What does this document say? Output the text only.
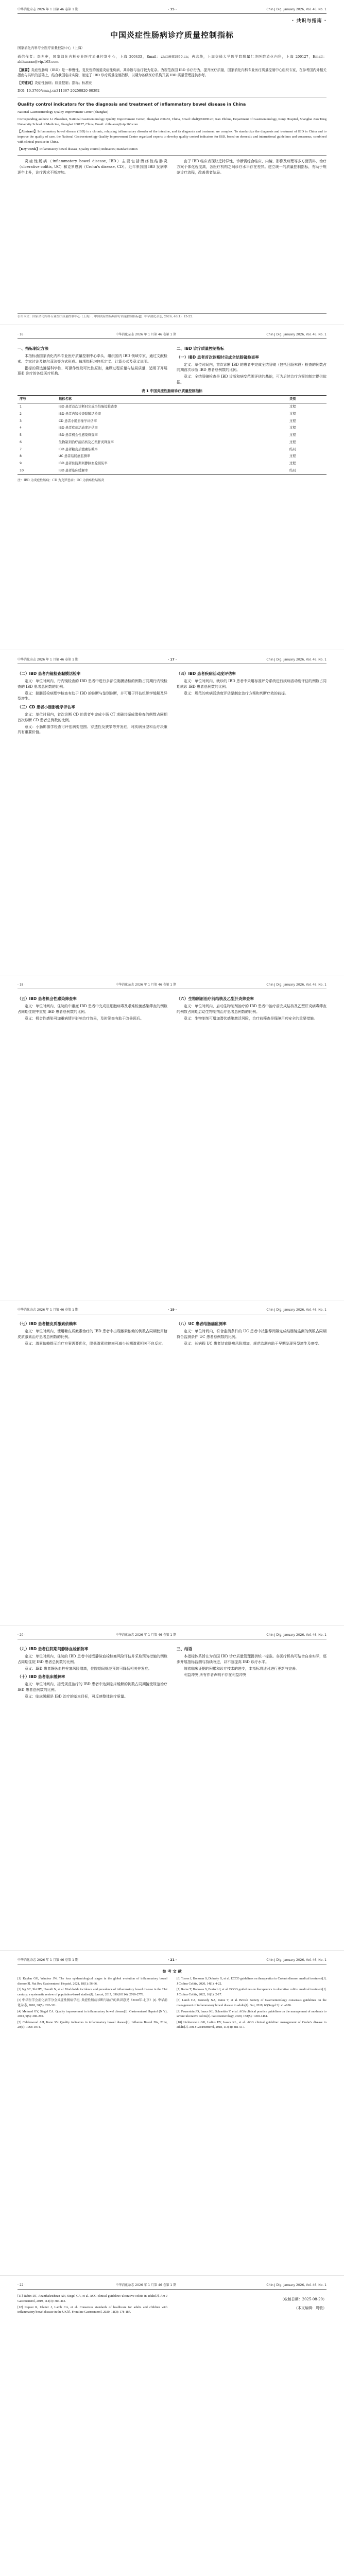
中华消化杂志 2026 年 1 月第 46 卷第 1 期	· 15 ·	Chin J Dig, January 2026, Vol. 46, No. 1
· 共识与指南 ·
中国炎症性肠病诊疗质量控制指标
国家消化内科专业医疗质量控制中心（上海）
通信作者：李兆申，国家消化内科专业医疗质量控制中心，上海 200433，Email：zhsli@81890.cn；冉志华，上海交通大学医学院附属仁济医院消化内科，上海 200127，Email：zhihuaran@vip.163.com
【摘要】炎症性肠病（IBD）是一种慢性、复发性的肠道炎症性疾病，其诊断与治疗较为复杂。为规范我国 IBD 诊疗行为，提升医疗质量，国家消化内科专业医疗质量控制中心组织专家，在参考国内外相关指南与共识的基础上，结合我国临床实际，制定了 IBD 诊疗质量控制指标，以期为各级医疗机构开展 IBD 质量管理提供参考。
【关键词】炎症性肠病；质量控制；指标；标准化
DOI: 10.3760/cma.j.cn311367-20250820-00392
Quality control indicators for the diagnosis and treatment of inflammatory bowel disease in China
National Gastroenterology Quality Improvement Center (Shanghai)
Corresponding authors: Li Zhaoshen, National Gastroenterology Quality Improvement Center, Shanghai 200433, China, Email: zhsli@81890.cn; Ran Zhihua, Department of Gastroenterology, Renji Hospital, Shanghai Jiao Tong University School of Medicine, Shanghai 200127, China, Email: zhihuaran@vip.163.com
【Abstract】Inflammatory bowel disease (IBD) is a chronic, relapsing inflammatory disorder of the intestine, and its diagnosis and treatment are complex. To standardize the diagnosis and treatment of IBD in China and to improve the quality of care, the National Gastroenterology Quality Improvement Center organized experts to develop quality control indicators for IBD, based on domestic and international guidelines and consensus, combined with clinical practice in China.
【Key words】Inflammatory bowel disease; Quality control; Indicators; Standardization

炎症性肠病（inflammatory bowel disease, IBD）主要包括溃疡性结肠炎（ulcerative colitis, UC）和克罗恩病（Crohn's disease, CD）。近年来我国 IBD 发病率逐年上升，诊疗需求不断增加。

由于 IBD 临床表现缺乏特异性，诊断需综合临床、内镜、影像及病理等多方面资料，治疗方案个体化程度高，各医疗机构之间诊疗水平存在差异。建立统一的质量控制指标，有助于规范诊疗流程，改善患者结局。

引用本文：国家消化内科专业医疗质量控制中心（上海）. 中国炎症性肠病诊疗质量控制指标[J]. 中华消化杂志, 2026, 46(1): 15-22.
· 16 ·	中华消化杂志 2026 年 1 月第 46 卷第 1 期	Chin J Dig, January 2026, Vol. 46, No. 1
一、指标制定方法

本指标由国家消化内科专业医疗质量控制中心牵头，组织国内 IBD 领域专家，通过文献检索、专家讨论及德尔菲法等方式形成。每项指标均包括定义、计算公式及意义说明。

指标的筛选遵循科学性、可操作性及可比性原则，兼顾过程质量与结局质量，适用于开展 IBD 诊疗的各级医疗机构。

二、IBD 诊疗质量控制指标
（一）IBD 患者首次诊断时完成全结肠镜检查率

定义：单位时间内，首次诊断 IBD 的患者中完成全结肠镜（包括回肠末段）检查的例数占同期首次诊断 IBD 患者总例数的比例。

意义：全结肠镜检查是 IBD 诊断和病变范围评估的基础，可为后续治疗方案的制定提供依据。

表 1 中国炎症性肠病诊疗质量控制指标
序号	指标名称	类别
1	IBD 患者首次诊断时完成全结肠镜检查率	过程
2	IBD 患者内镜检查黏膜活检率	过程
3	CD 患者小肠影像学评估率	过程
4	IBD 患者疾病活动度评估率	过程
5	IBD 患者机会性感染筛查率	过程
6	生物制剂治疗前结核及乙型肝炎筛查率	过程
7	IBD 患者糖皮质激素依赖率	结局
8	UC 患者结肠癌监测率	过程
9	IBD 患者住院期间静脉血栓预防率	过程
10	IBD 患者临床缓解率	结局
注：IBD 为炎症性肠病；CD 为克罗恩病；UC 为溃疡性结肠炎
中华消化杂志 2026 年 1 月第 46 卷第 1 期	· 17 ·	Chin J Dig, January 2026, Vol. 46, No. 1
（二）IBD 患者内镜检查黏膜活检率

定义：单位时间内，行内镜检查的 IBD 患者中进行多部位黏膜活检的例数占同期行内镜检查的 IBD 患者总例数的比例。

意义：黏膜活检病理学检查有助于 IBD 的诊断与鉴别诊断，并可用于评估组织学缓解及异型增生。

（三）CD 患者小肠影像学评估率

定义：单位时间内，首次诊断 CD 的患者中完成小肠 CT 或磁共振成像检查的例数占同期首次诊断 CD 患者总例数的比例。

意义：小肠影像学检查可评估病变范围、穿透性及狭窄等并发症，对疾病分型和治疗决策具有重要价值。

（四）IBD 患者疾病活动度评估率

定义：单位时间内，就诊的 IBD 患者中采用标准评分系统进行疾病活动度评估的例数占同期就诊 IBD 患者总例数的比例。

意义：规范的疾病活动度评估是制定治疗方案和判断疗效的前提。

· 18 ·	中华消化杂志 2026 年 1 月第 46 卷第 1 期	Chin J Dig, January 2026, Vol. 46, No. 1
（五）IBD 患者机会性感染筛查率

定义：单位时间内，住院的中重度 IBD 患者中完成巨细胞病毒及艰难梭菌感染筛查的例数占同期住院中重度 IBD 患者总例数的比例。

意义：机会性感染可加重病情并影响治疗效果，及时筛查有助于改善预后。

（六）生物制剂治疗前结核及乙型肝炎筛查率

定义：单位时间内，启动生物制剂治疗的 IBD 患者中治疗前完成结核及乙型肝炎病毒筛查的例数占同期启动生物制剂治疗患者总例数的比例。

意义：生物制剂可增加潜伏感染激活风险，治疗前筛查是保障用药安全的重要措施。

中华消化杂志 2026 年 1 月第 46 卷第 1 期	· 19 ·	Chin J Dig, January 2026, Vol. 46, No. 1
（七）IBD 患者糖皮质激素依赖率

定义：单位时间内，使用糖皮质激素治疗的 IBD 患者中出现激素依赖的例数占同期使用糖皮质激素治疗患者总例数的比例。

意义：激素依赖提示治疗方案需要优化，降低激素依赖率可减少长期激素相关不良反应。

（八）UC 患者结肠癌监测率

定义：单位时间内，符合监测条件的 UC 患者中按推荐间隔完成结肠镜监测的例数占同期符合监测条件 UC 患者总例数的比例。

意义：长病程 UC 患者结直肠癌风险增加，规范监测有助于早期发现异型增生及癌变。

· 20 ·	中华消化杂志 2026 年 1 月第 46 卷第 1 期	Chin J Dig, January 2026, Vol. 46, No. 1
（九）IBD 患者住院期间静脉血栓预防率

定义：单位时间内，住院的 IBD 患者中接受静脉血栓栓塞风险评估并采取预防措施的例数占同期住院 IBD 患者总例数的比例。

意义：IBD 患者静脉血栓栓塞风险增高，住院期间规范预防可降低相关并发症。

（十）IBD 患者临床缓解率

定义：单位时间内，接受规范治疗的 IBD 患者中达到临床缓解的例数占同期接受规范治疗 IBD 患者总例数的比例。

意义：临床缓解是 IBD 治疗的基本目标，可反映整体诊疗质量。

三、结语

本指标体系旨在为我国 IBD 诊疗质量管理提供统一标准。各医疗机构可结合自身实际，逐步开展指标监测与持续改进，以不断提高 IBD 诊疗水平。

随着临床证据的积累和诊疗技术的进步，本指标将适时进行更新与完善。

利益冲突 所有作者声明不存在利益冲突

中华消化杂志 2026 年 1 月第 46 卷第 1 期	· 21 ·	Chin J Dig, January 2026, Vol. 46, No. 1
参 考 文 献
[1] Kaplan GG, Windsor JW. The four epidemiological stages in the global evolution of inflammatory bowel disease[J]. Nat Rev Gastroenterol Hepatol, 2021, 18(1): 56-66.
[2] Ng SC, Shi HY, Hamidi N, et al. Worldwide incidence and prevalence of inflammatory bowel disease in the 21st century: a systematic review of population-based studies[J]. Lancet, 2017, 390(10114): 2769-2778.
[3] 中华医学会消化病学分会炎症性肠病学组. 炎症性肠病诊断与治疗的共识意见（2018年·北京）[J]. 中华消化杂志, 2018, 38(5): 292-311.
[4] Melmed GY, Siegel CA. Quality improvement in inflammatory bowel disease[J]. Gastroenterol Hepatol (N Y), 2013, 9(5): 286-292.
[5] Calderwood AH, Kane SV. Quality indicators in inflammatory bowel disease[J]. Inflamm Bowel Dis, 2014, 20(6): 1068-1074.
[6] Torres J, Bonovas S, Doherty G, et al. ECCO guidelines on therapeutics in Crohn's disease: medical treatment[J]. J Crohns Colitis, 2020, 14(1): 4-22.
[7] Raine T, Bonovas S, Burisch J, et al. ECCO guidelines on therapeutics in ulcerative colitis: medical treatment[J]. J Crohns Colitis, 2022, 16(1): 2-17.
[8] Lamb CA, Kennedy NA, Raine T, et al. British Society of Gastroenterology consensus guidelines on the management of inflammatory bowel disease in adults[J]. Gut, 2019, 68(Suppl 3): s1-s106.
[9] Feuerstein JD, Isaacs KL, Schneider Y, et al. AGA clinical practice guidelines on the management of moderate to severe ulcerative colitis[J]. Gastroenterology, 2020, 158(5): 1450-1461.
[10] Lichtenstein GR, Loftus EV, Isaacs KL, et al. ACG clinical guideline: management of Crohn's disease in adults[J]. Am J Gastroenterol, 2018, 113(4): 481-517.
· 22 ·	中华消化杂志 2026 年 1 月第 46 卷第 1 期	Chin J Dig, January 2026, Vol. 46, No. 1
[11] Rubin DT, Ananthakrishnan AN, Siegel CA, et al. ACG clinical guideline: ulcerative colitis in adults[J]. Am J Gastroenterol, 2019, 114(3): 384-413.
[12] Kapasi R, Glatter J, Lamb CA, et al. Consensus standards of healthcare for adults and children with inflammatory bowel disease in the UK[J]. Frontline Gastroenterol, 2020, 11(3): 178-187.
（收稿日期：2025-08-20）
（本文编辑：周骏）
